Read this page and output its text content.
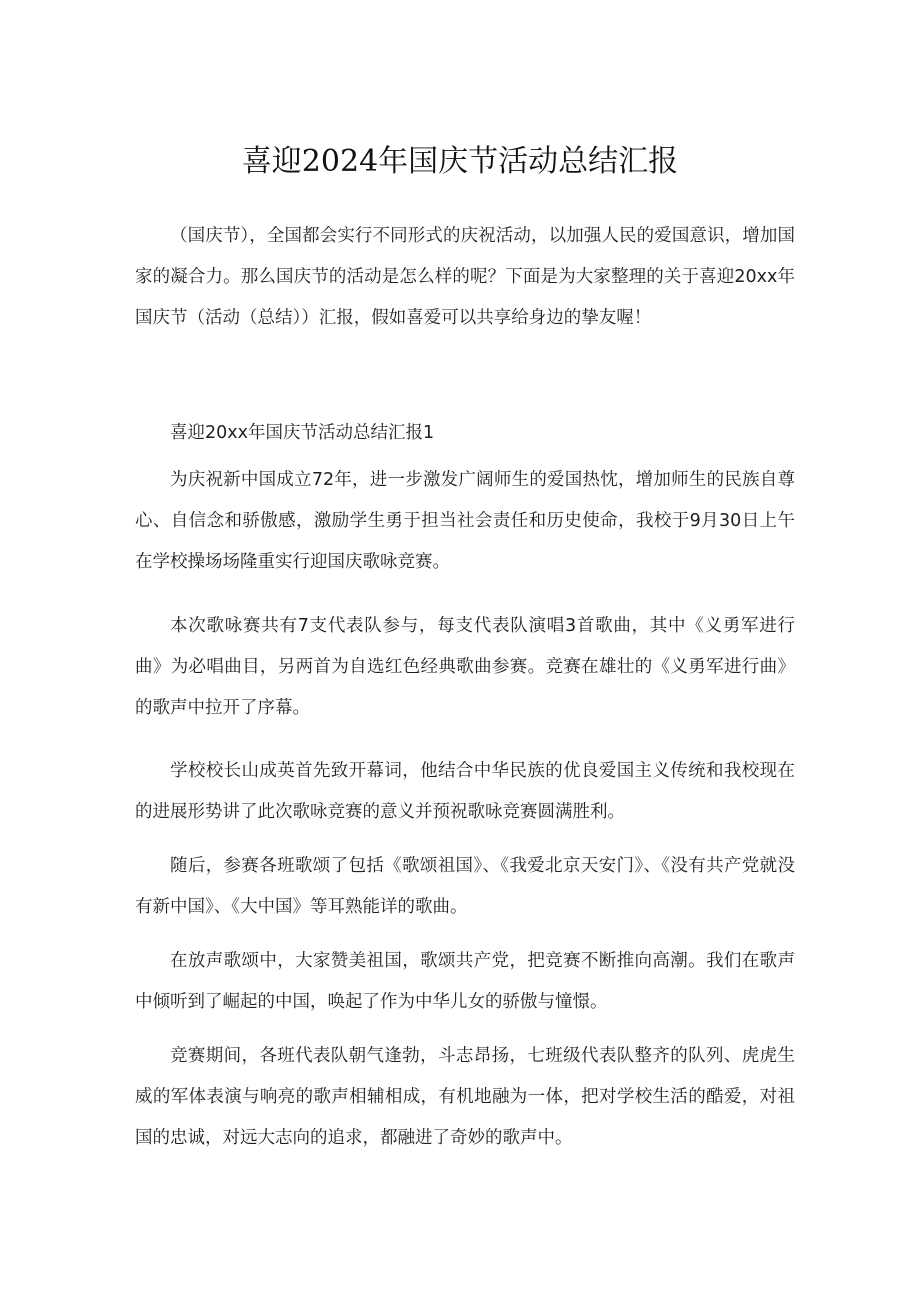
喜迎2024年国庆节活动总结汇报

（国庆节），全国都会实行不同形式的庆祝活动，以加强人民的爱国意识，增加国家的凝合力。那么国庆节的活动是怎么样的呢？下面是为大家整理的关于喜迎20xx年国庆节（活动（总结））汇报，假如喜爱可以共享给身边的挚友喔！

喜迎20xx年国庆节活动总结汇报1

为庆祝新中国成立72年，进一步激发广阔师生的爱国热忱，增加师生的民族自尊心、自信念和骄傲感，激励学生勇于担当社会责任和历史使命，我校于9月30日上午在学校操场场隆重实行迎国庆歌咏竞赛。

本次歌咏赛共有7支代表队参与，每支代表队演唱3首歌曲，其中《义勇军进行曲》为必唱曲目，另两首为自选红色经典歌曲参赛。竞赛在雄壮的《义勇军进行曲》的歌声中拉开了序幕。

学校校长山成英首先致开幕词，他结合中华民族的优良爱国主义传统和我校现在的进展形势讲了此次歌咏竞赛的意义并预祝歌咏竞赛圆满胜利。

随后，参赛各班歌颂了包括《歌颂祖国》、《我爱北京天安门》、《没有共产党就没有新中国》、《大中国》等耳熟能详的歌曲。

在放声歌颂中，大家赞美祖国，歌颂共产党，把竞赛不断推向高潮。我们在歌声中倾听到了崛起的中国，唤起了作为中华儿女的骄傲与憧憬。

竞赛期间，各班代表队朝气逢勃，斗志昂扬，七班级代表队整齐的队列、虎虎生威的军体表演与响亮的歌声相辅相成，有机地融为一体，把对学校生活的酷爱，对祖国的忠诚，对远大志向的追求，都融进了奇妙的歌声中。
